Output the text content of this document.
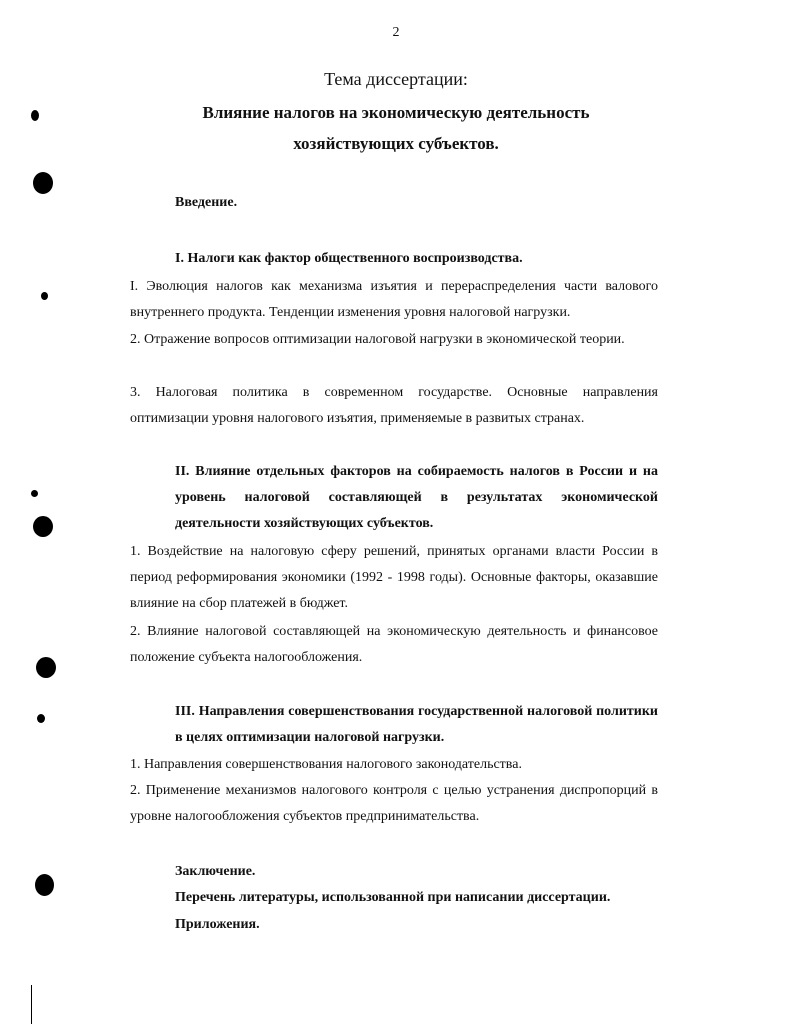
2
Тема диссертации:
Влияние налогов на экономическую деятельность
хозяйствующих субъектов.
Введение.
I. Налоги как фактор общественного воспроизводства.
I. Эволюция налогов как механизма изъятия и перераспределения части валового внутреннего продукта. Тенденции изменения уровня налоговой нагрузки.
2. Отражение вопросов оптимизации налоговой нагрузки в экономической теории.
3. Налоговая политика в современном государстве. Основные направления оптимизации уровня налогового изъятия, применяемые в развитых странах.
II. Влияние отдельных факторов на собираемость налогов в России и на уровень налоговой составляющей в результатах экономической деятельности хозяйствующих субъектов.
1. Воздействие на налоговую сферу решений, принятых органами власти России в период реформирования экономики (1992 - 1998 годы). Основные факторы, оказавшие влияние на сбор платежей в бюджет.
2. Влияние налоговой составляющей на экономическую деятельность и финансовое положение субъекта налогообложения.
III. Направления совершенствования государственной налоговой политики в целях оптимизации налоговой нагрузки.
1. Направления совершенствования налогового законодательства.
2. Применение механизмов налогового контроля с целью устранения диспропорций в уровне налогообложения субъектов предпринимательства.
Заключение.
Перечень литературы, использованной при написании диссертации.
Приложения.
